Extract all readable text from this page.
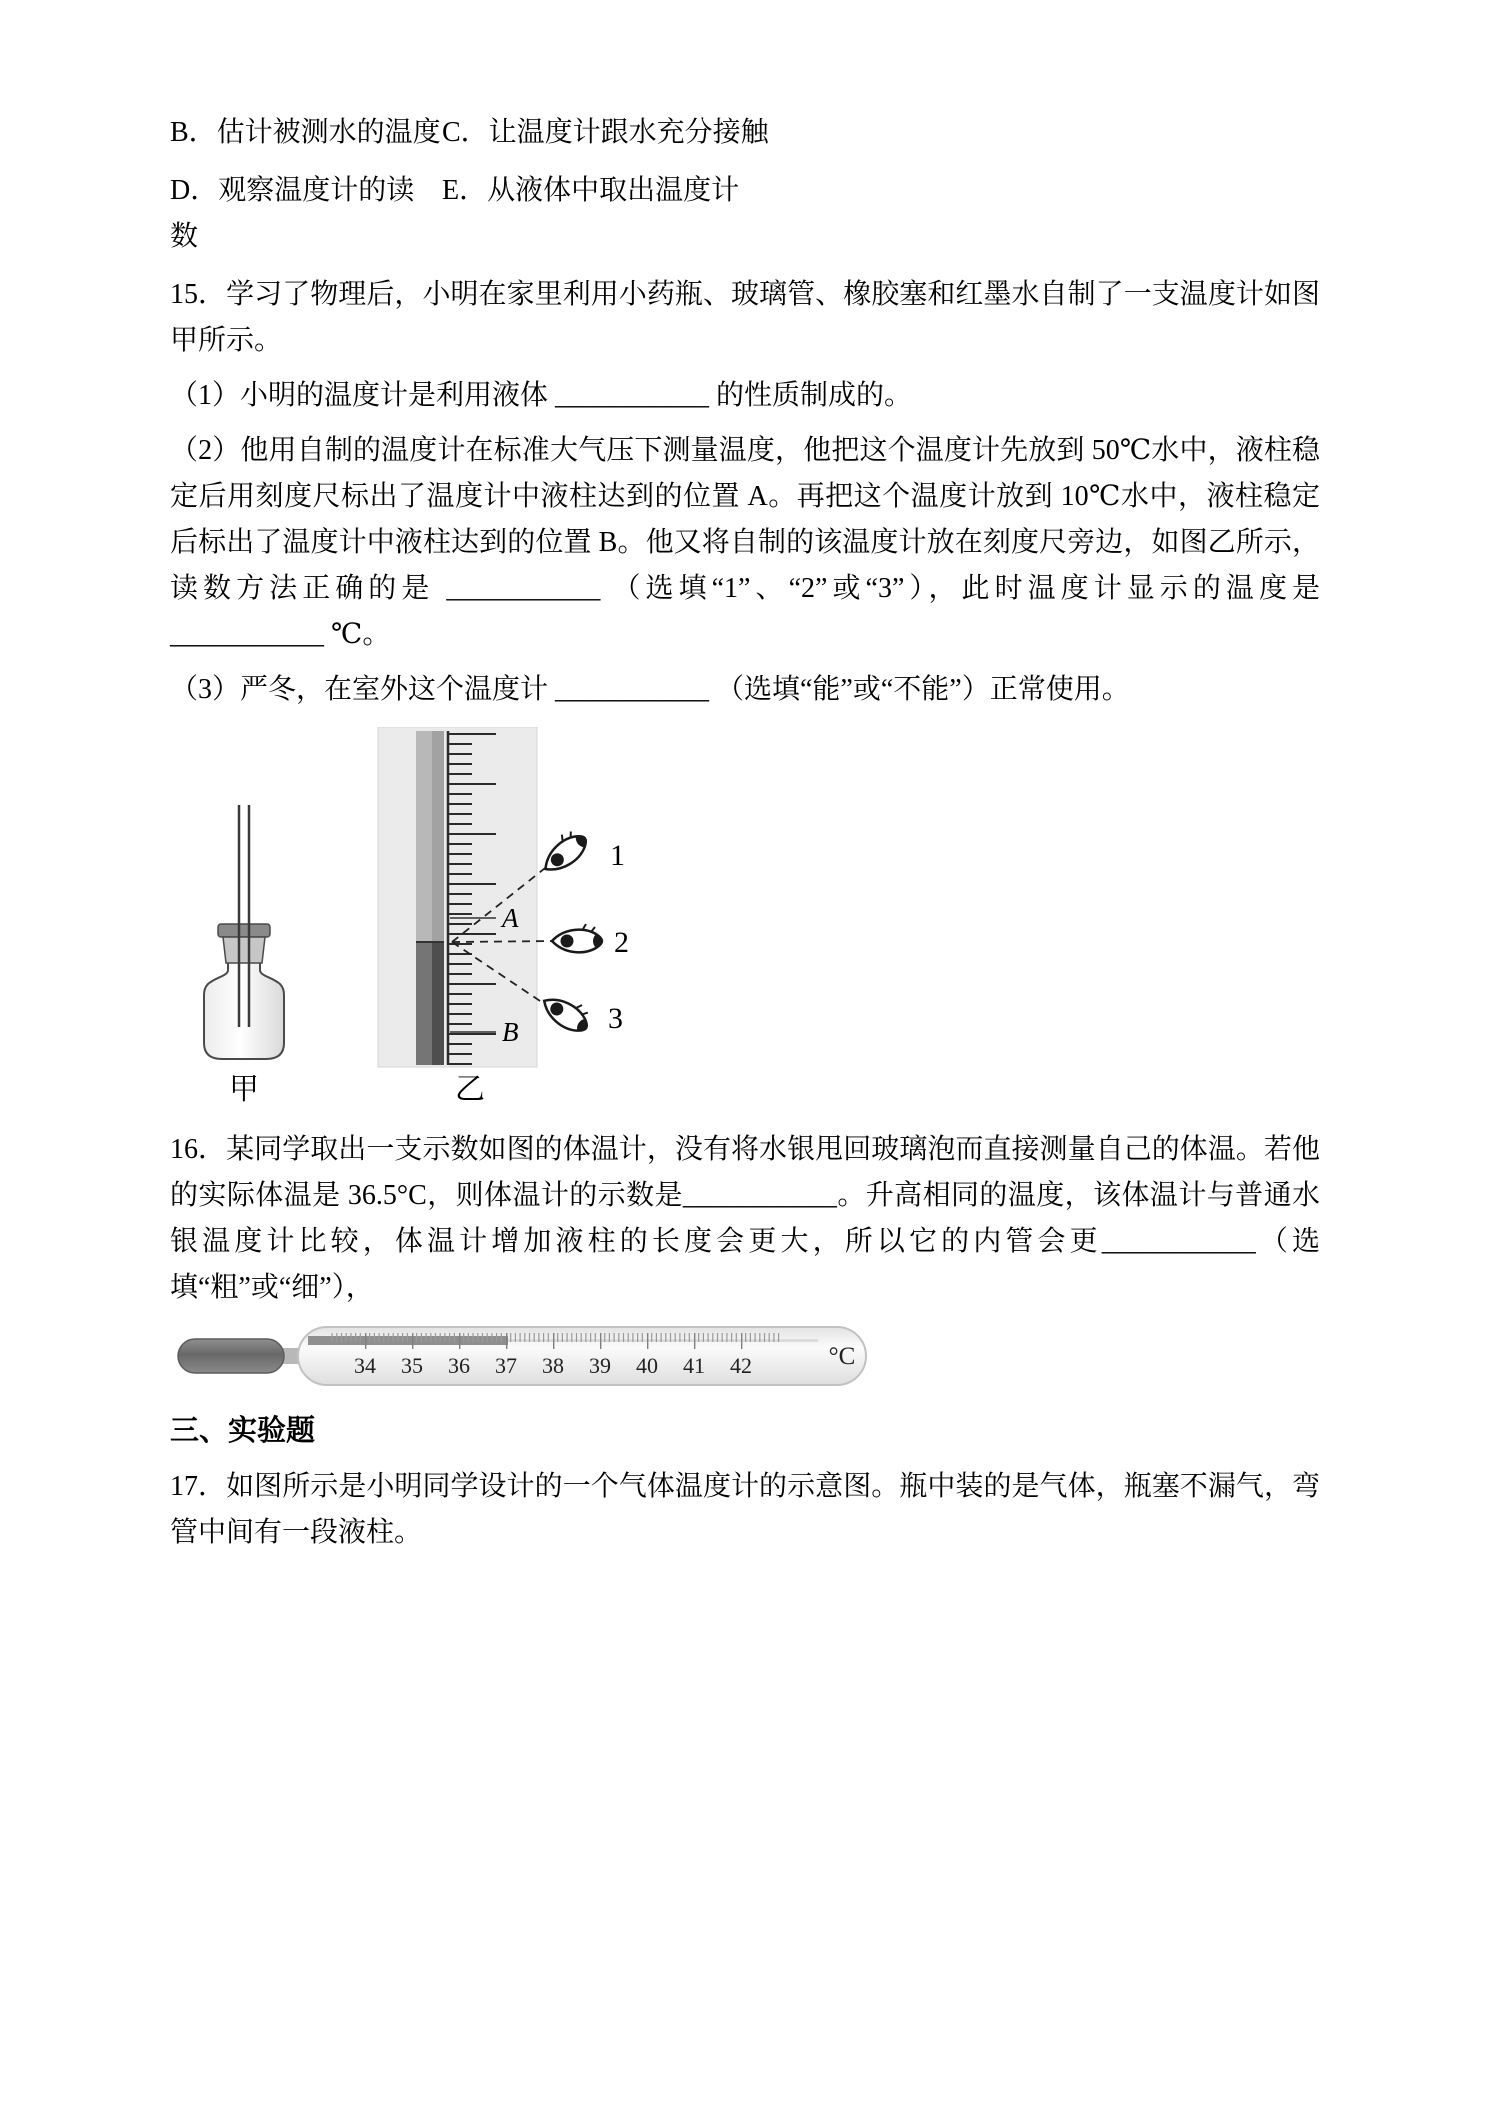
B．估计被测水的温度 C．让温度计跟水充分接触
D．观察温度计的读数
E．从液体中取出温度计

15．学习了物理后，小明在家里利用小药瓶、玻璃管、橡胶塞和红墨水自制了一支温度计如图甲所示。

（1）小明的温度计是利用液体 ___________ 的性质制成的。

（2）他用自制的温度计在标准大气压下测量温度，他把这个温度计先放到 50℃水中，液柱稳定后用刻度尺标出了温度计中液柱达到的位置 A。再把这个温度计放到 10℃水中，液柱稳定后标出了温度计中液柱达到的位置 B。他又将自制的该温度计放在刻度尺旁边，如图乙所示，读数方法正确的是 ___________ （选填“1”、“2”或“3”），此时温度计显示的温度是 ___________ ℃。

（3）严冬，在室外这个温度计 ___________ （选填“能”或“不能”）正常使用。

甲
A
B
乙
1
2
3

16．某同学取出一支示数如图的体温计，没有将水银甩回玻璃泡而直接测量自己的体温。若他的实际体温是 36.5°C，则体温计的示数是___________。升高相同的温度，该体温计与普通水银温度计比较，体温计增加液柱的长度会更大，所以它的内管会更___________（选填“粗”或“细”），

34 35 36 37 38 39 40 41 42	°C
三、实验题

17．如图所示是小明同学设计的一个气体温度计的示意图。瓶中装的是气体，瓶塞不漏气，弯管中间有一段液柱。
